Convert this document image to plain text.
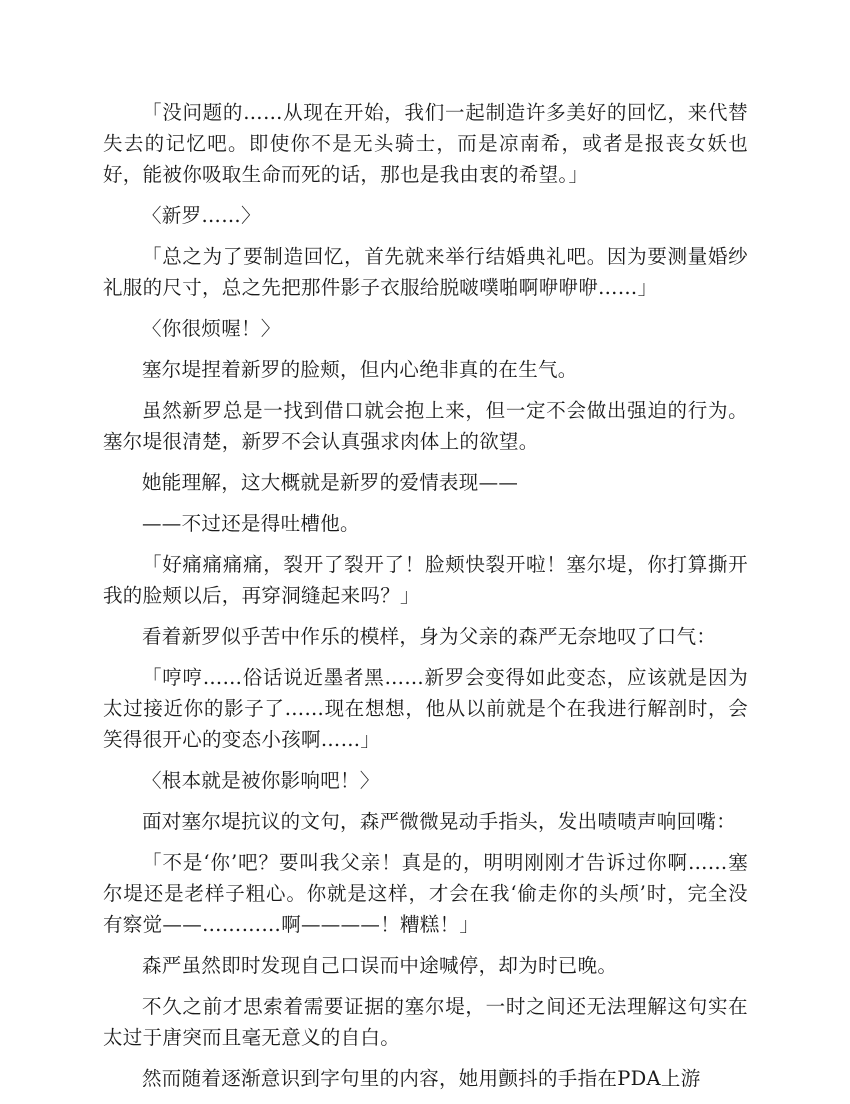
「没问题的……从现在开始，我们一起制造许多美好的回忆，来代替失去的记忆吧。即使你不是无头骑士，而是凉南希，或者是报丧女妖也好，能被你吸取生命而死的话，那也是我由衷的希望。」

〈新罗……〉

「总之为了要制造回忆，首先就来举行结婚典礼吧。因为要测量婚纱礼服的尺寸，总之先把那件影子衣服给脱啵噗啪啊咿咿咿……」

〈你很烦喔！〉

塞尔堤捏着新罗的脸颊，但内心绝非真的在生气。

虽然新罗总是一找到借口就会抱上来，但一定不会做出强迫的行为。塞尔堤很清楚，新罗不会认真强求肉体上的欲望。

她能理解，这大概就是新罗的爱情表现——

——不过还是得吐槽他。

「好痛痛痛痛，裂开了裂开了！脸颊快裂开啦！塞尔堤，你打算撕开我的脸颊以后，再穿洞缝起来吗？」

看着新罗似乎苦中作乐的模样，身为父亲的森严无奈地叹了口气：

「哼哼……俗话说近墨者黑……新罗会变得如此变态，应该就是因为太过接近你的影子了……现在想想，他从以前就是个在我进行解剖时，会笑得很开心的变态小孩啊……」

〈根本就是被你影响吧！〉

面对塞尔堤抗议的文句，森严微微晃动手指头，发出啧啧声响回嘴：

「不是‘你’吧？要叫我父亲！真是的，明明刚刚才告诉过你啊……塞尔堤还是老样子粗心。你就是这样，才会在我‘偷走你的头颅’时，完全没有察觉——…………啊————！糟糕！」

森严虽然即时发现自己口误而中途喊停，却为时已晚。

不久之前才思索着需要证据的塞尔堤，一时之间还无法理解这句实在太过于唐突而且毫无意义的自白。

然而随着逐渐意识到字句里的内容，她用颤抖的手指在PDA上游
